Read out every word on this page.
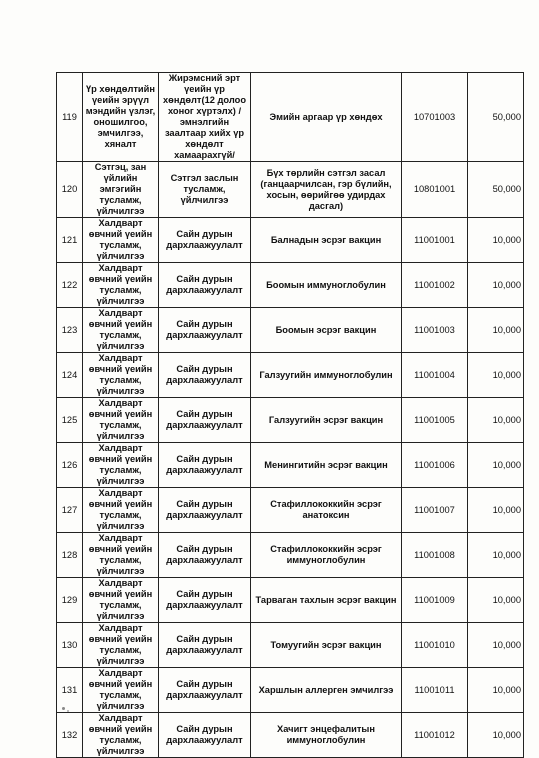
119	Үр хөндөлтийн үеийн эрүүл мэндийн үзлэг, оношилгоо, эмчилгээ, хяналт	Жирэмсний эрт үеийн үр хөндөлт(12 долоо хоног хүртэлх) /эмнэлгийн заалтаар хийх үр хөндөлт хамаарахгүй/	Эмийн аргаар үр хөндөх	10701003	50,000
120	Сэтгэц, зан үйлийн эмгэгийн тусламж, үйлчилгээ	Сэтгэл заслын тусламж, үйлчилгээ	Бүх төрлийн сэтгэл засал (ганцаарчилсан, гэр бүлийн, хосын, өөрийгөө удирдах дасгал)	10801001	50,000
121	Халдварт өвчний үеийн тусламж, үйлчилгээ	Сайн дурын дархлаажуулалт	Балнадын эсрэг вакцин	11001001	10,000
122	Халдварт өвчний үеийн тусламж, үйлчилгээ	Сайн дурын дархлаажуулалт	Боомын иммуноглобулин	11001002	10,000
123	Халдварт өвчний үеийн тусламж, үйлчилгээ	Сайн дурын дархлаажуулалт	Боомын эсрэг вакцин	11001003	10,000
124	Халдварт өвчний үеийн тусламж, үйлчилгээ	Сайн дурын дархлаажуулалт	Галзуугийн иммуноглобулин	11001004	10,000
125	Халдварт өвчний үеийн тусламж, үйлчилгээ	Сайн дурын дархлаажуулалт	Галзуугийн эсрэг вакцин	11001005	10,000
126	Халдварт өвчний үеийн тусламж, үйлчилгээ	Сайн дурын дархлаажуулалт	Менингитийн эсрэг вакцин	11001006	10,000
127	Халдварт өвчний үеийн тусламж, үйлчилгээ	Сайн дурын дархлаажуулалт	Стафиллококкийн эсрэг анатоксин	11001007	10,000
128	Халдварт өвчний үеийн тусламж, үйлчилгээ	Сайн дурын дархлаажуулалт	Стафиллококкийн эсрэг иммуноглобулин	11001008	10,000
129	Халдварт өвчний үеийн тусламж, үйлчилгээ	Сайн дурын дархлаажуулалт	Тарваган тахлын эсрэг вакцин	11001009	10,000
130	Халдварт өвчний үеийн тусламж, үйлчилгээ	Сайн дурын дархлаажуулалт	Томуугийн эсрэг вакцин	11001010	10,000
131	Халдварт өвчний үеийн тусламж, үйлчилгээ	Сайн дурын дархлаажуулалт	Харшлын аллерген эмчилгээ	11001011	10,000
132	Халдварт өвчний үеийн тусламж, үйлчилгээ	Сайн дурын дархлаажуулалт	Хачигт энцефалитын иммуноглобулин	11001012	10,000
